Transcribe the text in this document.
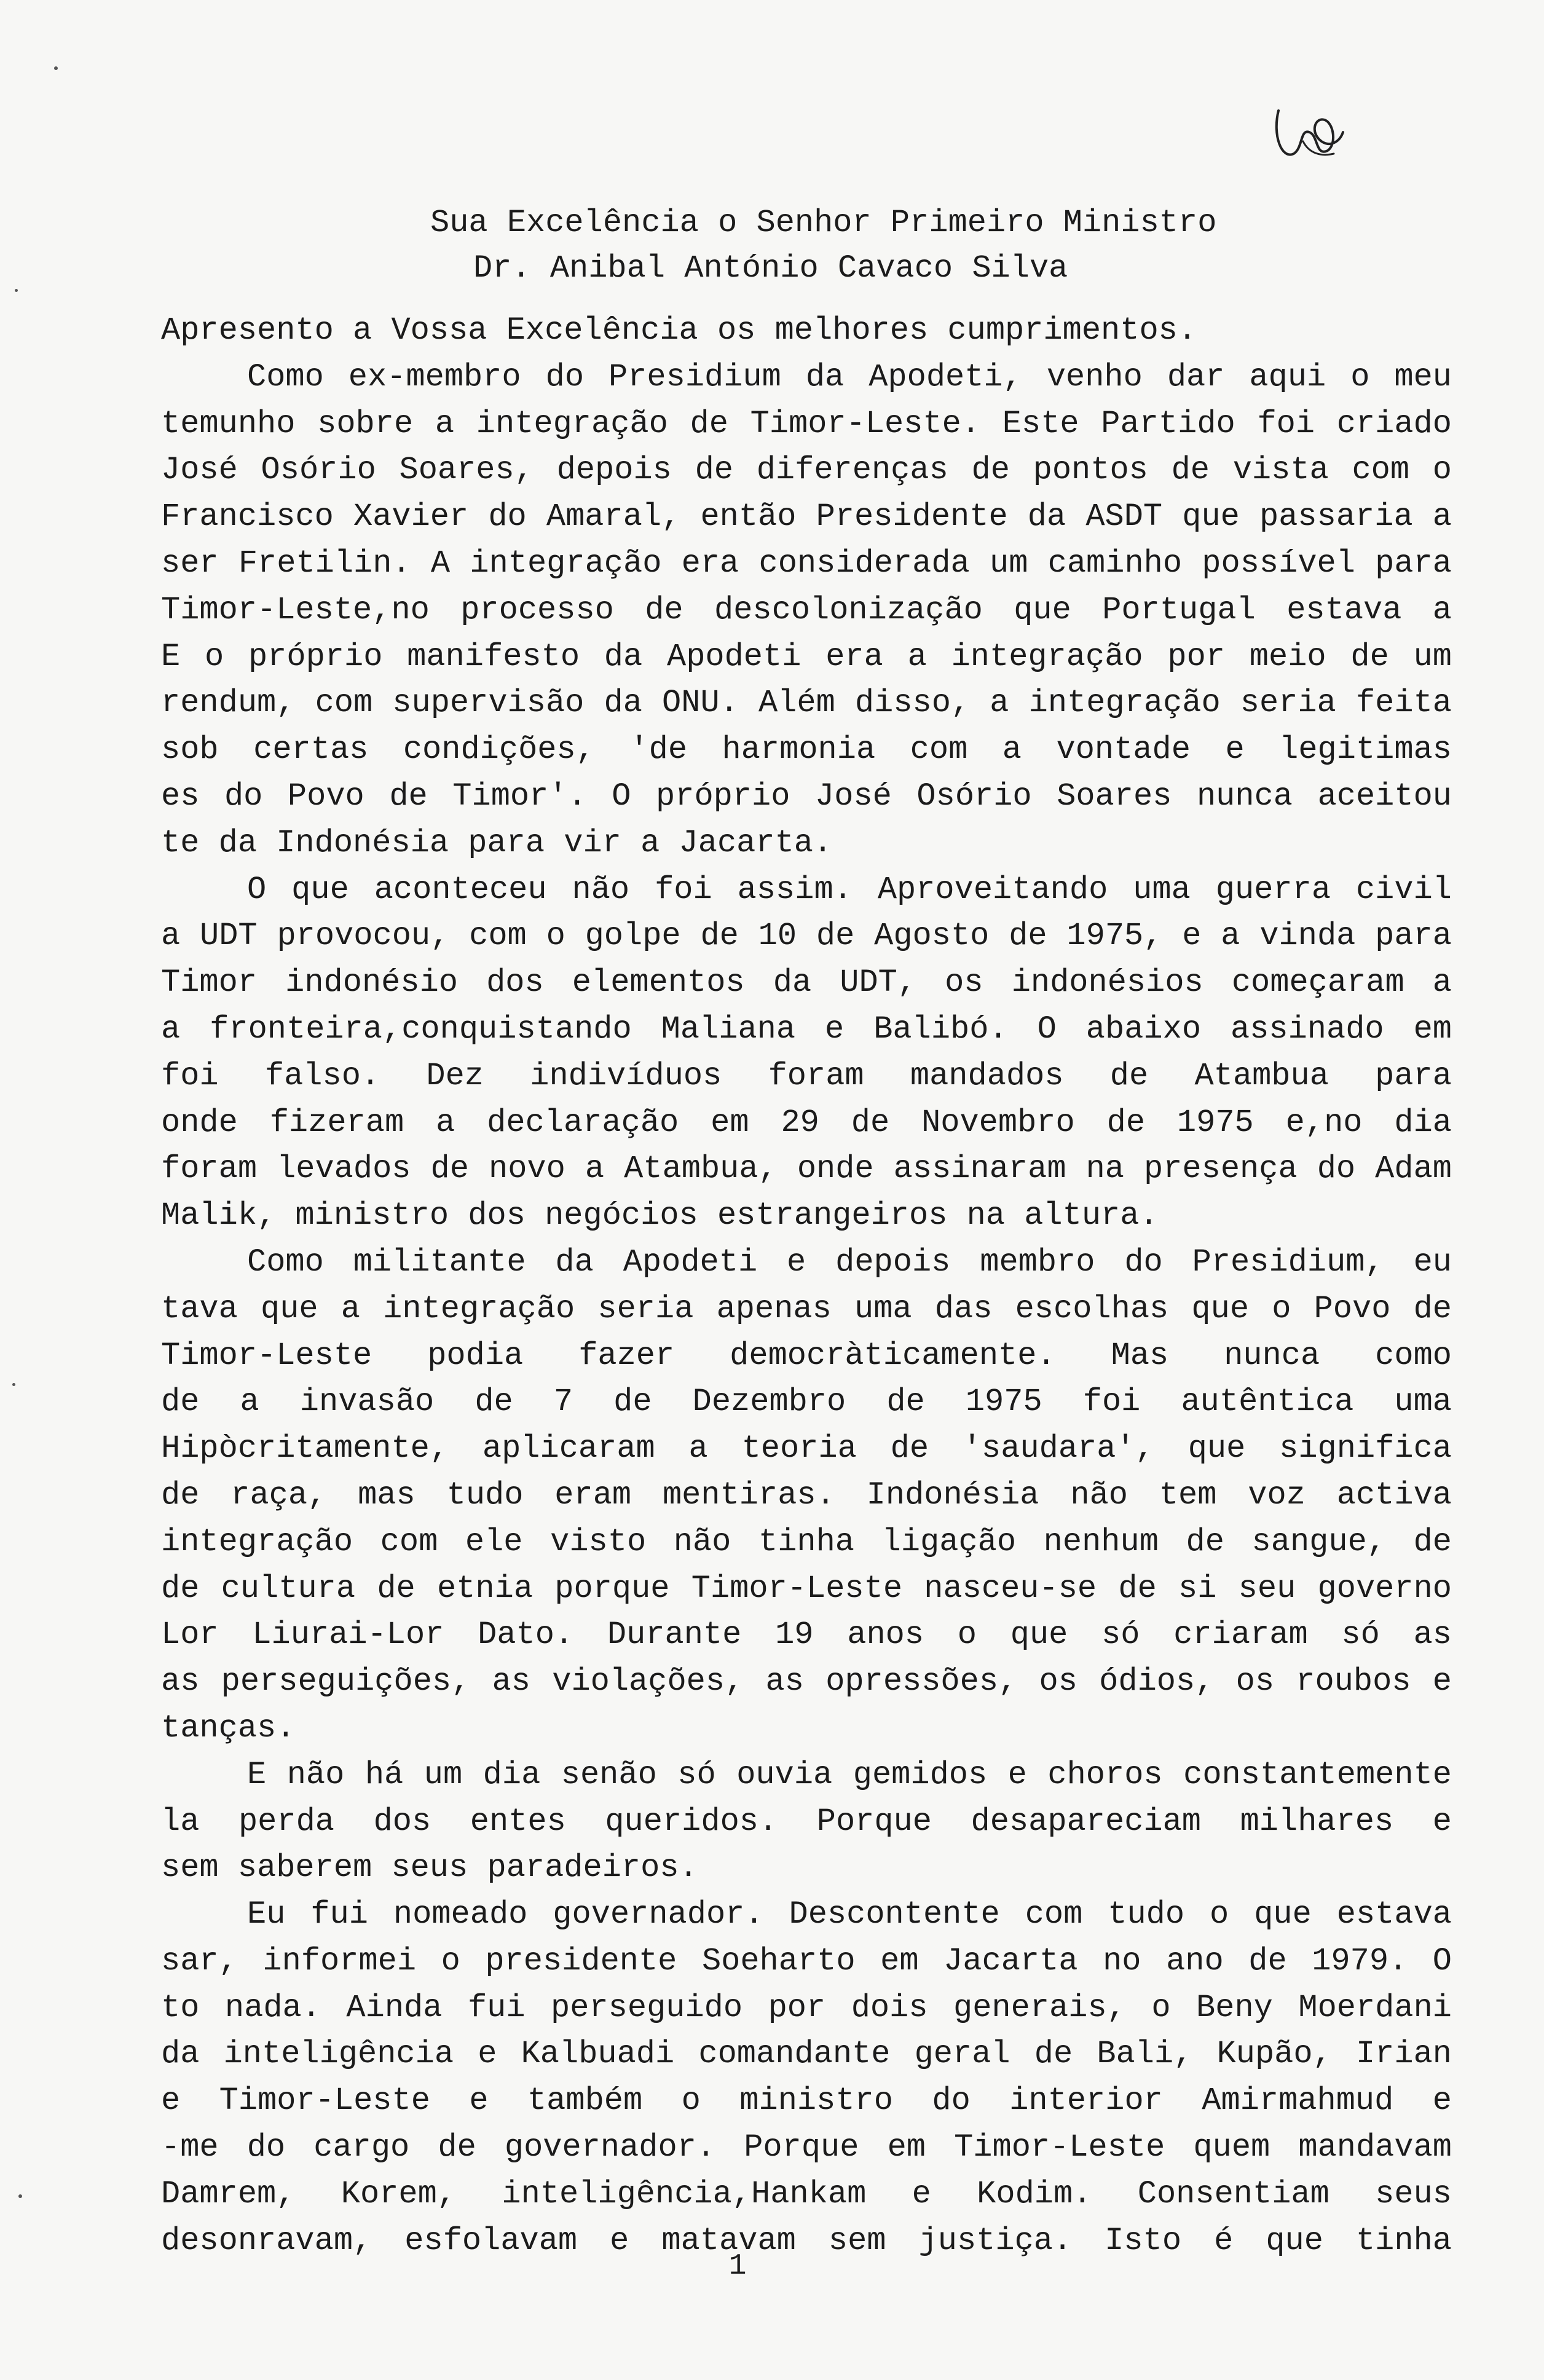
Sua Excelência o Senhor Primeiro Ministro
Dr. Anibal António Cavaco Silva
Apresento a Vossa Excelência os melhores cumprimentos.
Como ex-membro do Presidium da Apodeti, venho dar aqui o meu
temunho sobre a integração de Timor-Leste. Este Partido foi criado
José Osório Soares, depois de diferenças de pontos de vista com o
Francisco Xavier do Amaral, então Presidente da ASDT que passaria a
ser Fretilin. A integração era considerada um caminho possível para
Timor-Leste,no processo de descolonização que Portugal estava a
E o próprio manifesto da Apodeti era a integração por meio de um
rendum, com supervisão da ONU. Além disso, a integração seria feita
sob certas condições, 'de harmonia com a vontade e legitimas
es do Povo de Timor'. O próprio José Osório Soares nunca aceitou
te da Indonésia para vir a Jacarta.
O que aconteceu não foi assim. Aproveitando uma guerra civil
a UDT provocou, com o golpe de 10 de Agosto de 1975, e a vinda para
Timor indonésio dos elementos da UDT, os indonésios começaram a
a fronteira,conquistando Maliana e Balibó. O abaixo assinado em
foi falso. Dez indivíduos foram mandados de Atambua para
onde fizeram a declaração em 29 de Novembro de 1975 e,no dia
foram levados de novo a Atambua, onde assinaram na presença do Adam
Malik, ministro dos negócios estrangeiros na altura.
Como militante da Apodeti e depois membro do Presidium, eu
tava que a integração seria apenas uma das escolhas que o Povo de
Timor-Leste podia fazer democràticamente. Mas nunca como
de a invasão de 7 de Dezembro de 1975 foi autêntica uma
Hipòcritamente, aplicaram a teoria de 'saudara', que significa
de raça, mas tudo eram mentiras. Indonésia não tem voz activa
integração com ele visto não tinha ligação nenhum de sangue, de
de cultura de etnia porque Timor-Leste nasceu-se de si seu governo
Lor Liurai-Lor Dato. Durante 19 anos o que só criaram só as
as perseguições, as violações, as opressões, os ódios, os roubos e
tanças.
E não há um dia senão só ouvia gemidos e choros constantemente
la perda dos entes queridos. Porque desapareciam milhares e
sem saberem seus paradeiros.
Eu fui nomeado governador. Descontente com tudo o que estava
sar, informei o presidente Soeharto em Jacarta no ano de 1979. O
to nada. Ainda fui perseguido por dois generais, o Beny Moerdani
da inteligência e Kalbuadi comandante geral de Bali, Kupão, Irian
e Timor-Leste e também o ministro do interior Amirmahmud e
-me do cargo de governador. Porque em Timor-Leste quem mandavam
Damrem, Korem, inteligência,Hankam e Kodim. Consentiam seus
desonravam, esfolavam e matavam sem justiça. Isto é que tinha
1
